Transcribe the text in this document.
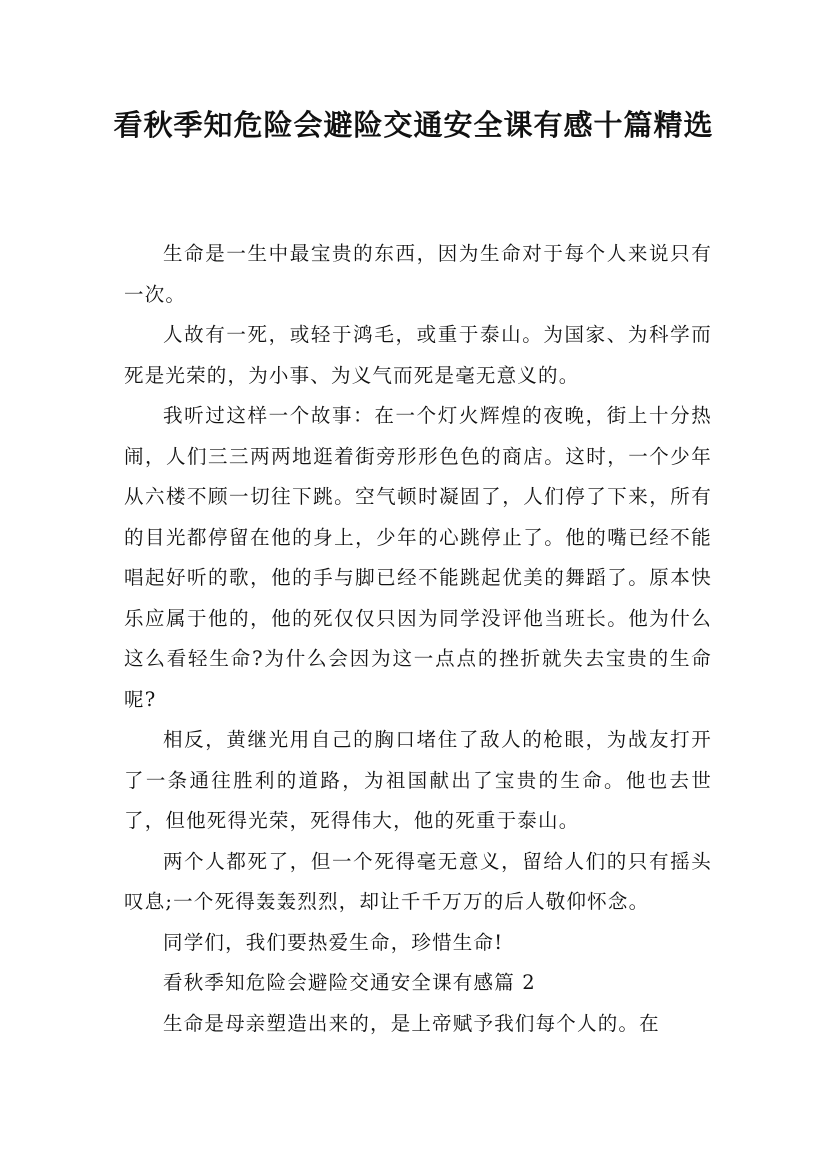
看秋季知危险会避险交通安全课有感十篇精选

生命是一生中最宝贵的东西，因为生命对于每个人来说只有一次。

人故有一死，或轻于鸿毛，或重于泰山。为国家、为科学而死是光荣的，为小事、为义气而死是毫无意义的。

我听过这样一个故事：在一个灯火辉煌的夜晚，街上十分热闹，人们三三两两地逛着街旁形形色色的商店。这时，一个少年从六楼不顾一切往下跳。空气顿时凝固了，人们停了下来，所有的目光都停留在他的身上，少年的心跳停止了。他的嘴已经不能唱起好听的歌，他的手与脚已经不能跳起优美的舞蹈了。原本快乐应属于他的，他的死仅仅只因为同学没评他当班长。他为什么这么看轻生命?为什么会因为这一点点的挫折就失去宝贵的生命呢?

相反，黄继光用自己的胸口堵住了敌人的枪眼，为战友打开了一条通往胜利的道路，为祖国献出了宝贵的生命。他也去世了，但他死得光荣，死得伟大，他的死重于泰山。

两个人都死了，但一个死得毫无意义，留给人们的只有摇头叹息;一个死得轰轰烈烈，却让千千万万的后人敬仰怀念。

同学们，我们要热爱生命，珍惜生命!

看秋季知危险会避险交通安全课有感篇 2

生命是母亲塑造出来的，是上帝赋予我们每个人的。在
